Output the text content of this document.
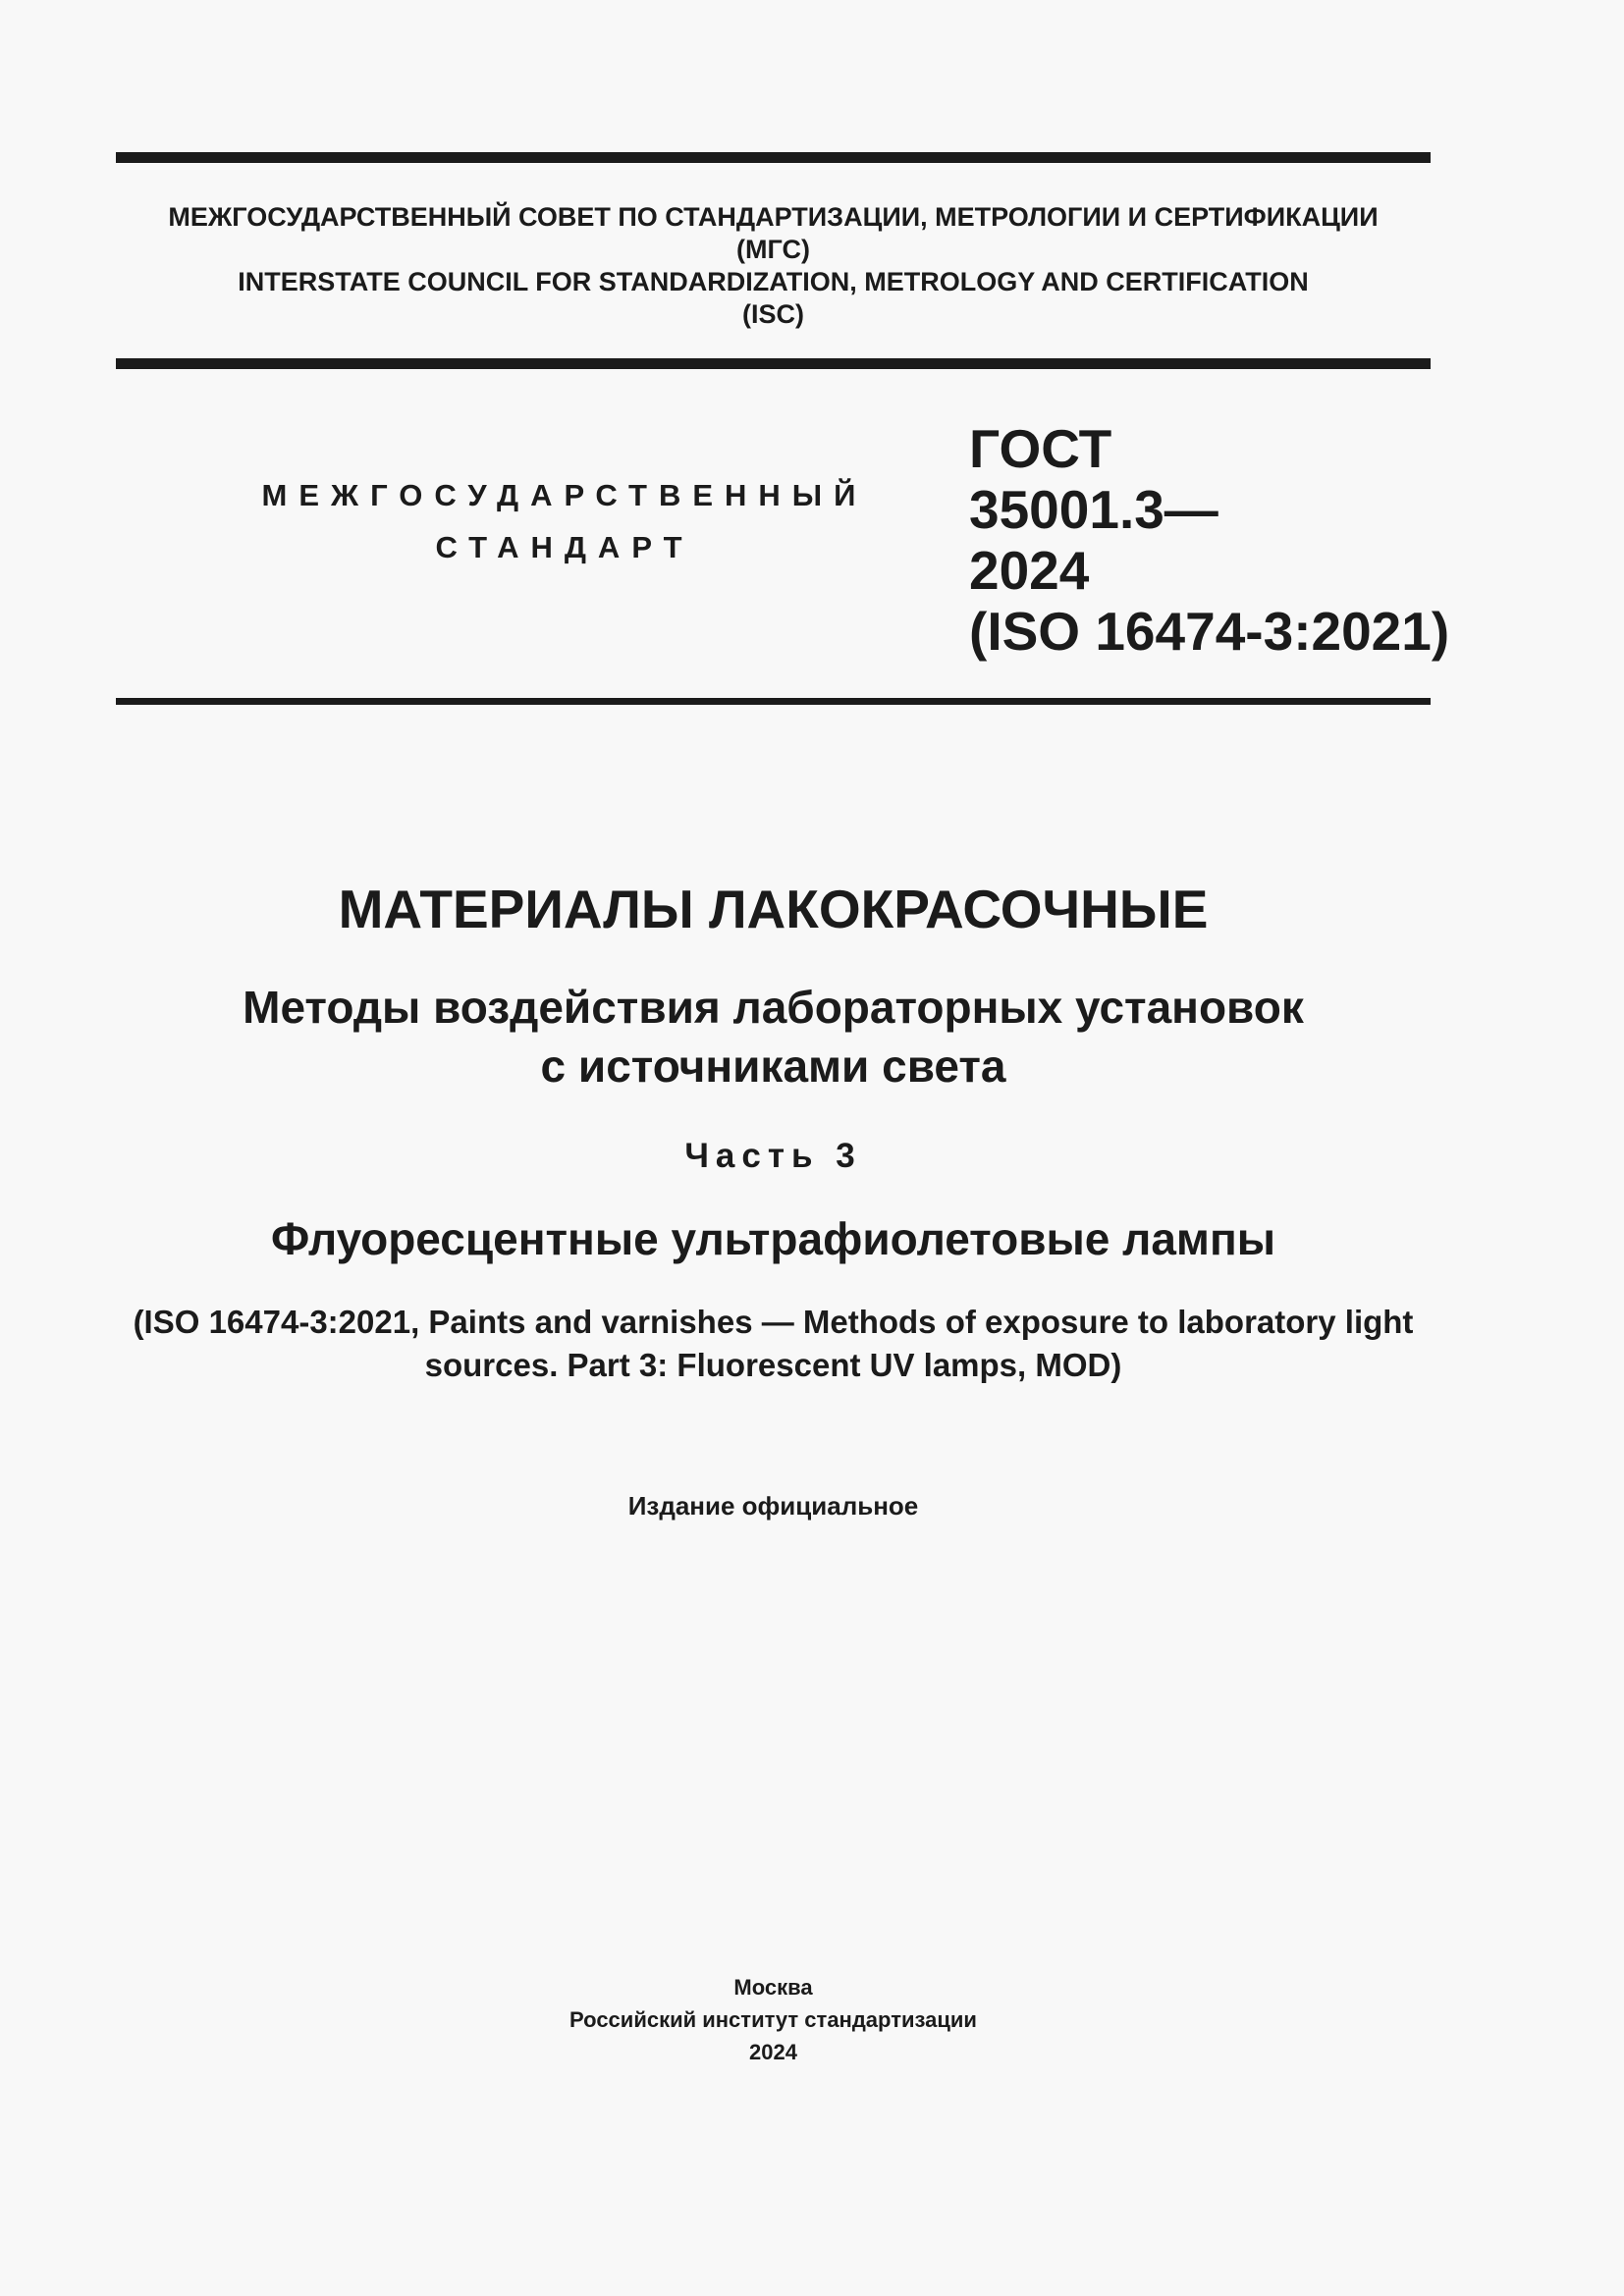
МЕЖГОСУДАРСТВЕННЫЙ СОВЕТ ПО СТАНДАРТИЗАЦИИ, МЕТРОЛОГИИ И СЕРТИФИКАЦИИ
(МГС)
INTERSTATE COUNCIL FOR STANDARDIZATION, METROLOGY AND CERTIFICATION
(ISC)
МЕЖГОСУДАРСТВЕННЫЙ
СТАНДАРТ
ГОСТ
35001.3—
2024
(ISO 16474-3:2021)
МАТЕРИАЛЫ ЛАКОКРАСОЧНЫЕ
Методы воздействия лабораторных установок
с источниками света
Часть 3
Флуоресцентные ультрафиолетовые лампы
(ISO 16474-3:2021, Paints and varnishes — Methods of exposure to laboratory light
sources. Part 3: Fluorescent UV lamps, MOD)
Издание официальное
Москва
Российский институт стандартизации
2024
